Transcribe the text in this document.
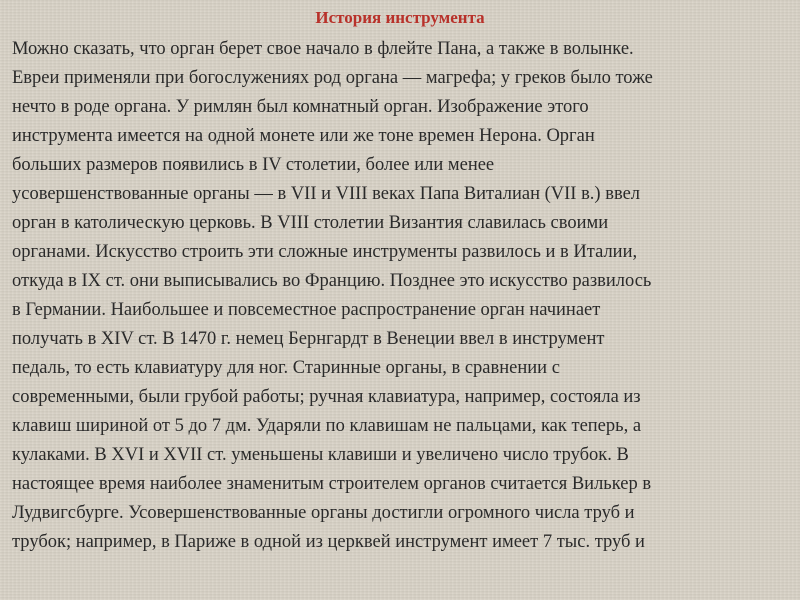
История инструмента
Можно сказать, что орган берет свое начало в флейте Пана, а также в волынке.
Евреи применяли при богослужениях род органа — магрефа; у греков было тоже
нечто в роде органа. У римлян был комнатный орган. Изображение этого
инструмента имеется на одной монете или же тоне времен Нерона. Орган
больших размеров появились в IV столетии, более или менее
усовершенствованные органы — в VII и VIII веках Папа Виталиан (VII в.) ввел
орган в католическую церковь. В VIII столетии Византия славилась своими
органами. Искусство строить эти сложные инструменты развилось и в Италии,
откуда в IX ст. они выписывались во Францию. Позднее это искусство развилось
в Германии. Наибольшее и повсеместное распространение орган начинает
получать в XIV ст. В 1470 г. немец Бернгардт в Венеции ввел в инструмент
педаль, то есть клавиатуру для ног. Старинные органы, в сравнении с
современными, были грубой работы; ручная клавиатура, например, состояла из
клавиш шириной от 5 до 7 дм. Ударяли по клавишам не пальцами, как теперь, а
кулаками. В XVI и XVII ст. уменьшены клавиши и увеличено число трубок. В
настоящее время наиболее знаменитым строителем органов считается Вилькер в
Лудвигсбурге. Усовершенствованные органы достигли огромного числа труб и
трубок; например, в Париже в одной из церквей инструмент имеет 7 тыс. труб и
